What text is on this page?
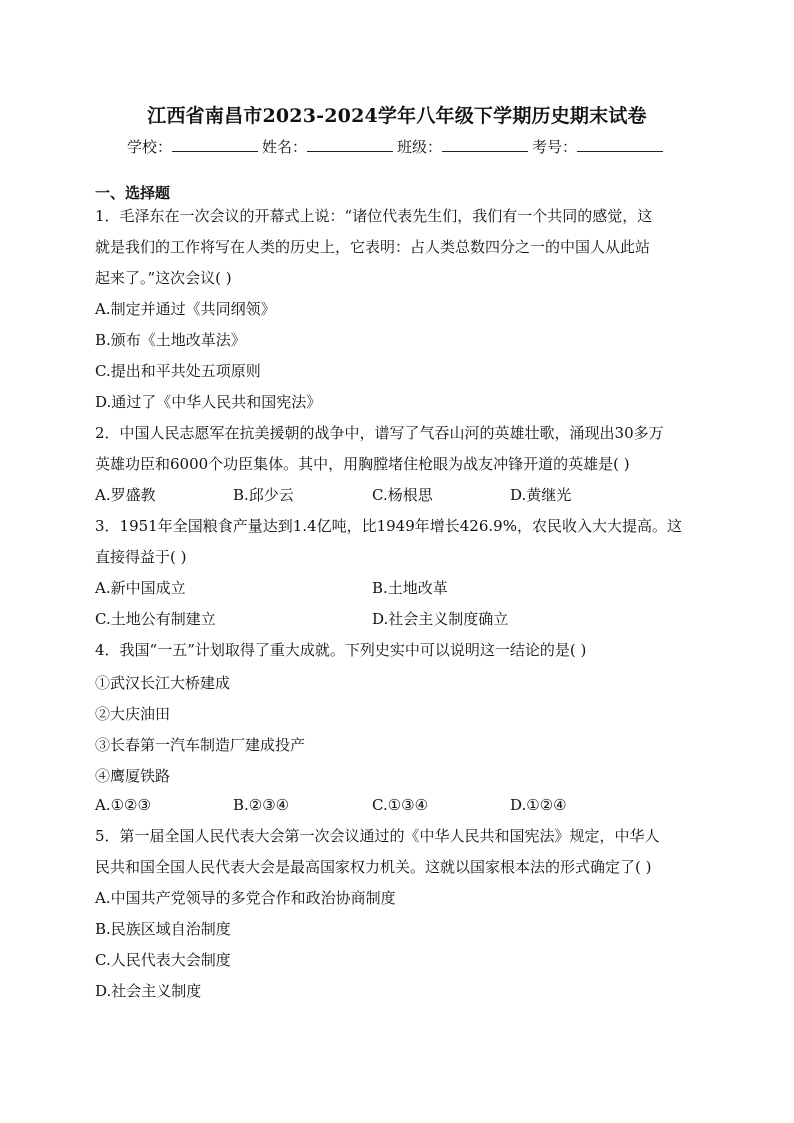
江西省南昌市2023-2024学年八年级下学期历史期末试卷
学校：	姓名：	班级：	考号：
一、选择题
1．毛泽东在一次会议的开幕式上说：“诸位代表先生们，我们有一个共同的感觉，这
就是我们的工作将写在人类的历史上，它表明：占人类总数四分之一的中国人从此站
起来了。”这次会议( )
A.制定并通过《共同纲领》
B.颁布《土地改革法》
C.提出和平共处五项原则
D.通过了《中华人民共和国宪法》
2．中国人民志愿军在抗美援朝的战争中，谱写了气吞山河的英雄壮歌，涌现出30多万
英雄功臣和6000个功臣集体。其中，用胸膛堵住枪眼为战友冲锋开道的英雄是( )
A.罗盛教	B.邱少云	C.杨根思	D.黄继光
3．1951年全国粮食产量达到1.4亿吨，比1949年增长426.9%，农民收入大大提高。这
直接得益于( )
A.新中国成立	B.土地改革
C.土地公有制建立	D.社会主义制度确立
4．我国“一五”计划取得了重大成就。下列史实中可以说明这一结论的是( )
①武汉长江大桥建成
②大庆油田
③长春第一汽车制造厂建成投产
④鹰厦铁路
A.①②③	B.②③④	C.①③④	D.①②④
5．第一届全国人民代表大会第一次会议通过的《中华人民共和国宪法》规定，中华人
民共和国全国人民代表大会是最高国家权力机关。这就以国家根本法的形式确定了( )
A.中国共产党领导的多党合作和政治协商制度
B.民族区域自治制度
C.人民代表大会制度
D.社会主义制度
